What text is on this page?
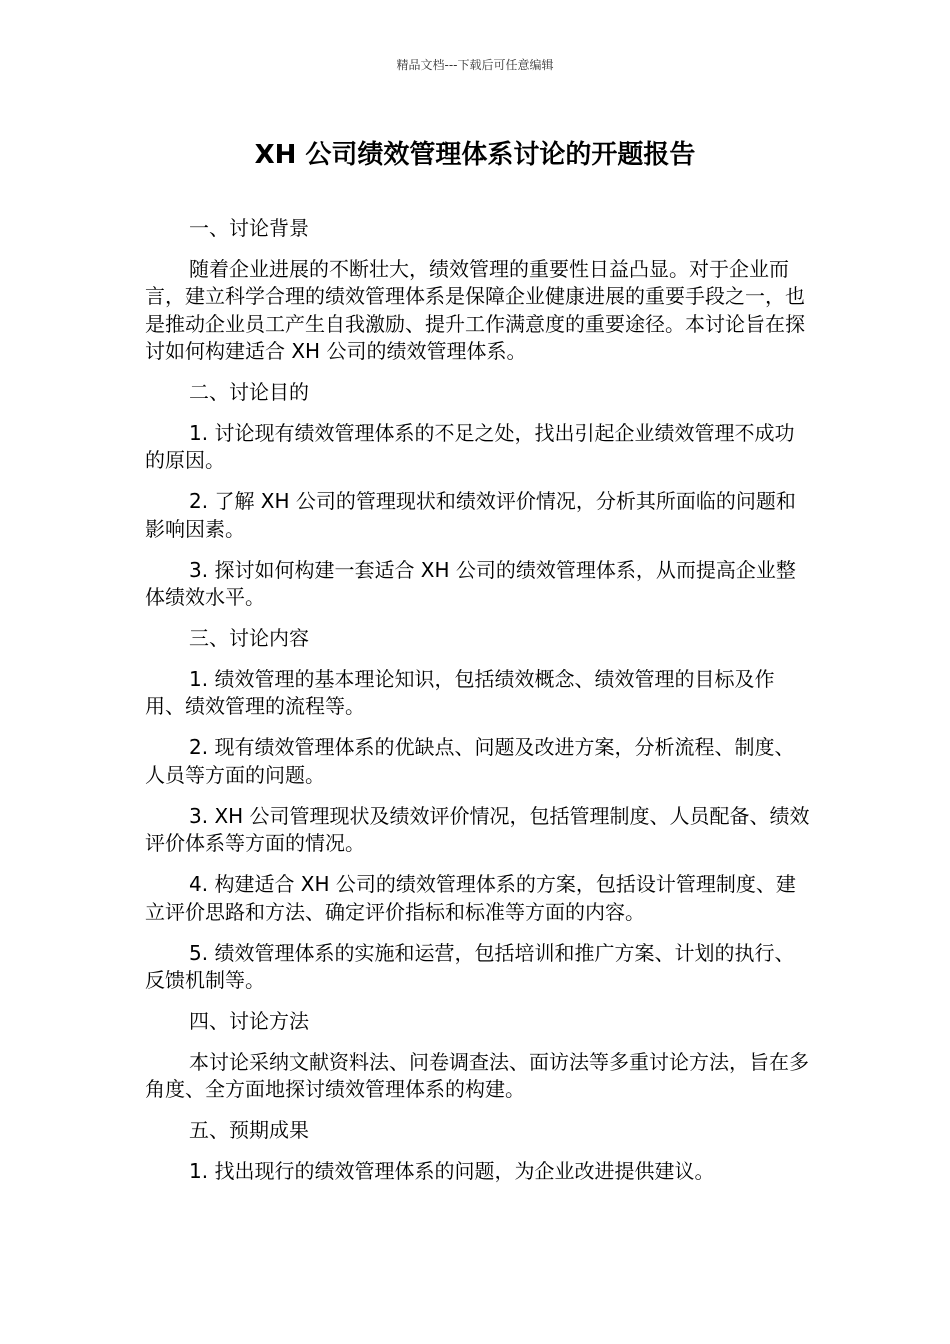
精品文档---下载后可任意编辑
XH 公司绩效管理体系讨论的开题报告

一、讨论背景

随着企业进展的不断壮大，绩效管理的重要性日益凸显。对于企业而言，建立科学合理的绩效管理体系是保障企业健康进展的重要手段之一，也是推动企业员工产生自我激励、提升工作满意度的重要途径。本讨论旨在探讨如何构建适合 XH 公司的绩效管理体系。

二、讨论目的

1. 讨论现有绩效管理体系的不足之处，找出引起企业绩效管理不成功的原因。

2. 了解 XH 公司的管理现状和绩效评价情况，分析其所面临的问题和影响因素。

3. 探讨如何构建一套适合 XH 公司的绩效管理体系，从而提高企业整体绩效水平。

三、讨论内容

1. 绩效管理的基本理论知识，包括绩效概念、绩效管理的目标及作用、绩效管理的流程等。

2. 现有绩效管理体系的优缺点、问题及改进方案，分析流程、制度、人员等方面的问题。

3. XH 公司管理现状及绩效评价情况，包括管理制度、人员配备、绩效评价体系等方面的情况。

4. 构建适合 XH 公司的绩效管理体系的方案，包括设计管理制度、建立评价思路和方法、确定评价指标和标准等方面的内容。

5. 绩效管理体系的实施和运营，包括培训和推广方案、计划的执行、反馈机制等。

四、讨论方法

本讨论采纳文献资料法、问卷调查法、面访法等多重讨论方法，旨在多角度、全方面地探讨绩效管理体系的构建。

五、预期成果

1. 找出现行的绩效管理体系的问题，为企业改进提供建议。
